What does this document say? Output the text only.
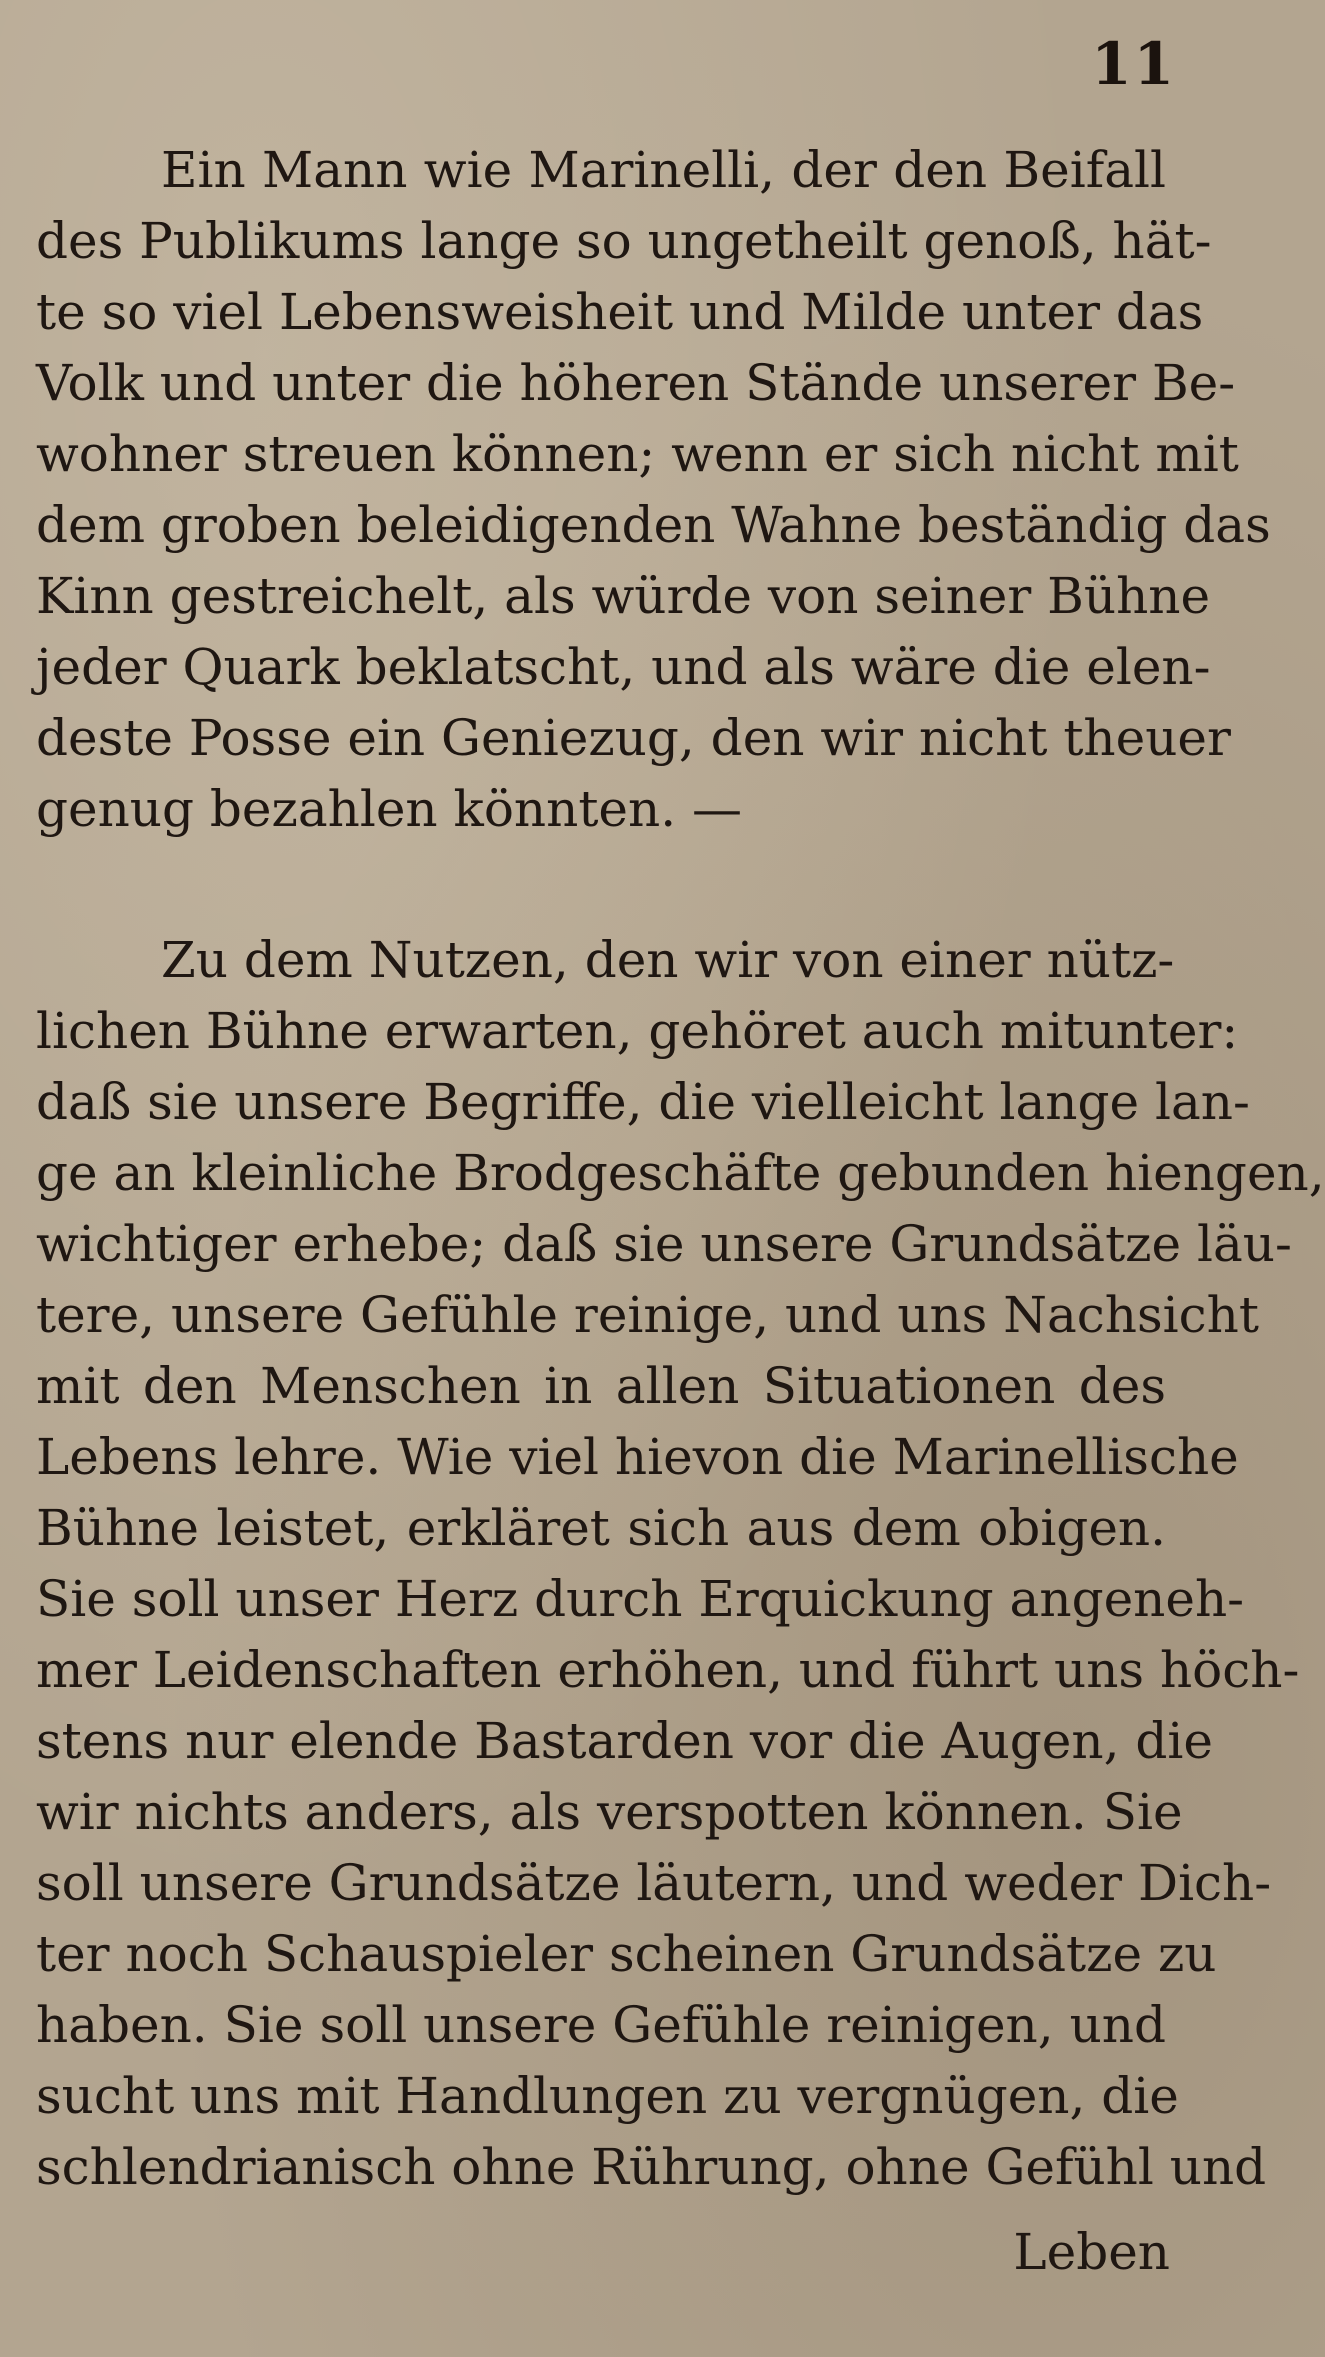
11
Ein Mann wie Marinelli, der den Beifall
des Publikums lange so ungetheilt genoß, hät-
te so viel Lebensweisheit und Milde unter das
Volk und unter die höheren Stände unserer Be-
wohner streuen können; wenn er sich nicht mit
dem groben beleidigenden Wahne beständig das
Kinn gestreichelt, als würde von seiner Bühne
jeder Quark beklatscht, und als wäre die elen-
deste Posse ein Geniezug, den wir nicht theuer
genug bezahlen könnten. —
Zu dem Nutzen, den wir von einer nütz-
lichen Bühne erwarten, gehöret auch mitunter:
daß sie unsere Begriffe, die vielleicht lange lan-
ge an kleinliche Brodgeschäfte gebunden hiengen,
wichtiger erhebe; daß sie unsere Grundsätze läu-
tere, unsere Gefühle reinige, und uns Nachsicht
mit den Menschen in allen Situationen des
Lebens lehre. Wie viel hievon die Marinellische
Bühne leistet, erkläret sich aus dem obigen.
Sie soll unser Herz durch Erquickung angeneh-
mer Leidenschaften erhöhen, und führt uns höch-
stens nur elende Bastarden vor die Augen, die
wir nichts anders, als verspotten können. Sie
soll unsere Grundsätze läutern, und weder Dich-
ter noch Schauspieler scheinen Grundsätze zu
haben. Sie soll unsere Gefühle reinigen, und
sucht uns mit Handlungen zu vergnügen, die
schlendrianisch ohne Rührung, ohne Gefühl und
Leben
